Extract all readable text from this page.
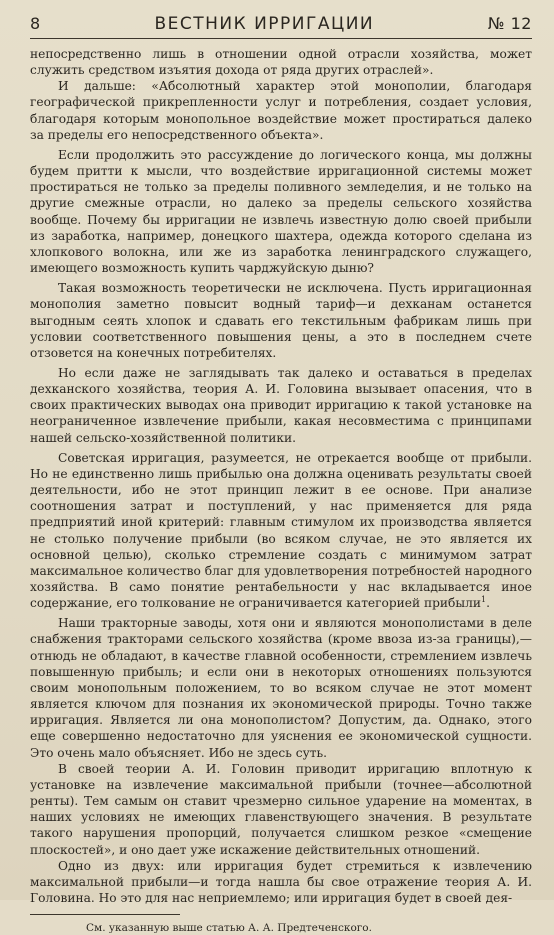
8	ВЕСТНИК ИРРИГАЦИИ	№ 12

непосредственно лишь в отношении одной отрасли хозяйства, может служить средством изъятия дохода от ряда других отраслей».

И дальше: «Абсолютный характер этой монополии, благодаря географической прикрепленности услуг и потребления, создает условия, благодаря которым монопольное воздействие может простираться далеко за пределы его непосредственного объекта».

Если продолжить это рассуждение до логического конца, мы должны будем притти к мысли, что воздействие ирригационной системы может простираться не только за пределы поливного земледелия, и не только на другие смежные отрасли, но далеко за пределы сельского хозяйства вообще. Почему бы ирригации не извлечь известную долю своей прибыли из заработка, например, донецкого шахтера, одежда которого сделана из хлопкового волокна, или же из заработка ленинградского служащего, имеющего возможность купить чарджуйскую дыню?

Такая возможность теоретически не исключена. Пусть ирригационная монополия заметно повысит водный тариф—и дехканам останется выгодным сеять хлопок и сдавать его текстильным фабрикам лишь при условии соответственного повышения цены, а это в последнем счете отзовется на конечных потребителях.

Но если даже не заглядывать так далеко и оставаться в пределах дехканского хозяйства, теория А. И. Головина вызывает опасения, что в своих практических выводах она приводит ирригацию к такой установке на неограниченное извлечение прибыли, какая несовместима с принципами нашей сельско-хозяйственной политики.

Советская ирригация, разумеется, не отрекается вообще от прибыли. Но не единственно лишь прибылью она должна оценивать результаты своей деятельности, ибо не этот принцип лежит в ее основе. При анализе соотношения затрат и поступлений, у нас применяется для ряда предприятий иной критерий: главным стимулом их производства является не столько получение прибыли (во всяком случае, не это является их основной целью), сколько стремление создать с минимумом затрат максимальное количество благ для удовлетворения потребностей народного хозяйства. В само понятие рентабельности у нас вкладывается иное содержание, его толкование не ограничивается категорией прибыли$^1$.

Наши тракторные заводы, хотя они и являются монополистами в деле снабжения тракторами сельского хозяйства (кроме ввоза из-за границы),—отнюдь не обладают, в качестве главной особенности, стремлением извлечь повышенную прибыль; и если они в некоторых отношениях пользуются своим монопольным положением, то во всяком случае не этот момент является ключом для познания их экономической природы. Точно также ирригация. Является ли она монополистом? Допустим, да. Однако, этого еще совершенно недостаточно для уяснения ее экономической сущности. Это очень мало объясняет. Ибо не здесь суть.

В своей теории А. И. Головин приводит ирригацию вплотную к установке на извлечение максимальной прибыли (точнее—абсолютной ренты). Тем самым он ставит чрезмерно сильное ударение на моментах, в наших условиях не имеющих главенствующего значения. В результате такого нарушения пропорций, получается слишком резкое «смещение плоскостей», и оно дает уже искажение действительных отношений.

Одно из двух: или ирригация будет стремиться к извлечению максимальной прибыли—и тогда нашла бы свое отражение теория А. И. Головина. Но это для нас неприемлемо; или ирригация будет в своей дея-

См. указанную выше статью А. А. Предтеченского.
